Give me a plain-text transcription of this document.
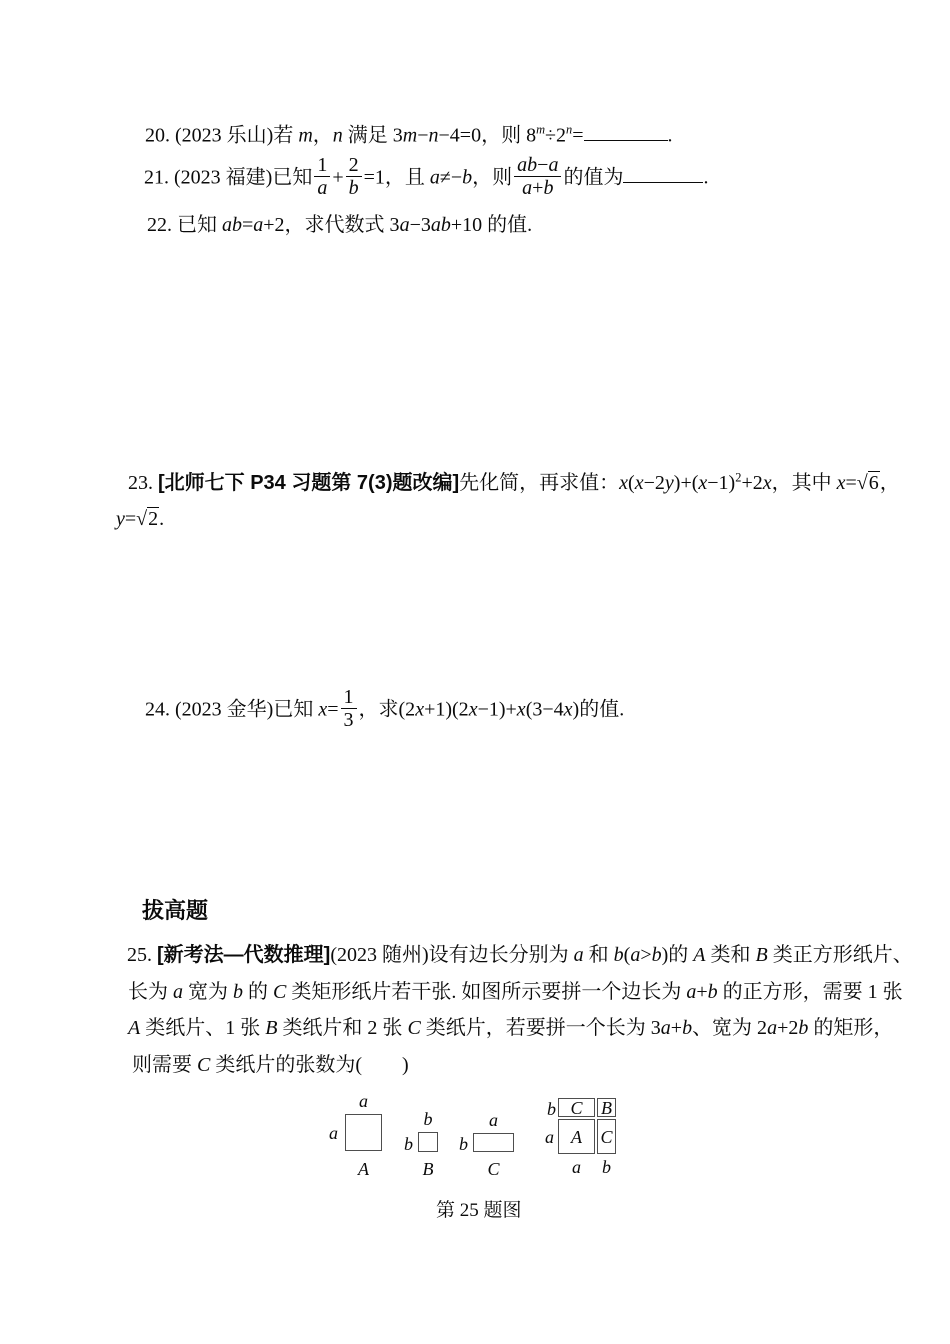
20. (2023 乐山)若 m，n 满足 3m−n−4=0，则 $8^m\div 2^n=$	.
21. (2023 福建)已知 $\frac{1}{a} + \frac{2}{b} =1$，且 a≠−b，则 $\frac{ab-a}{a+b}$ 的值为	.
22. 已知 ab=a+2，求代数式 3a−3ab+10 的值.
23. [北师七下 P34 习题第 7(3)题改编]先化简，再求值：$x(x-2y)+(x-1)^2+2x$，其中 x=√6，
y=√2.
24. (2023 金华)已知 $x= \frac{1}{3}$ ，求(2x+1)(2x−1)+x(3−4x)的值.
拔高题
25. [新考法—代数推理](2023 随州)设有边长分别为 a 和 b(a>b)的 A 类和 B 类正方形纸片、
长为 a 宽为 b 的 C 类矩形纸片若干张. 如图所示要拼一个边长为 a+b 的正方形，需要 1 张
A 类纸片、1 张 B 类纸片和 2 张 C 类纸片，若要拼一个长为 3a+b、宽为 2a+2b 的矩形，
则需要 C 类纸片的张数为(　　)
a
a
A
b
b
B
a
b
C
C	B
A	C
b
a
a	b
第 25 题图
